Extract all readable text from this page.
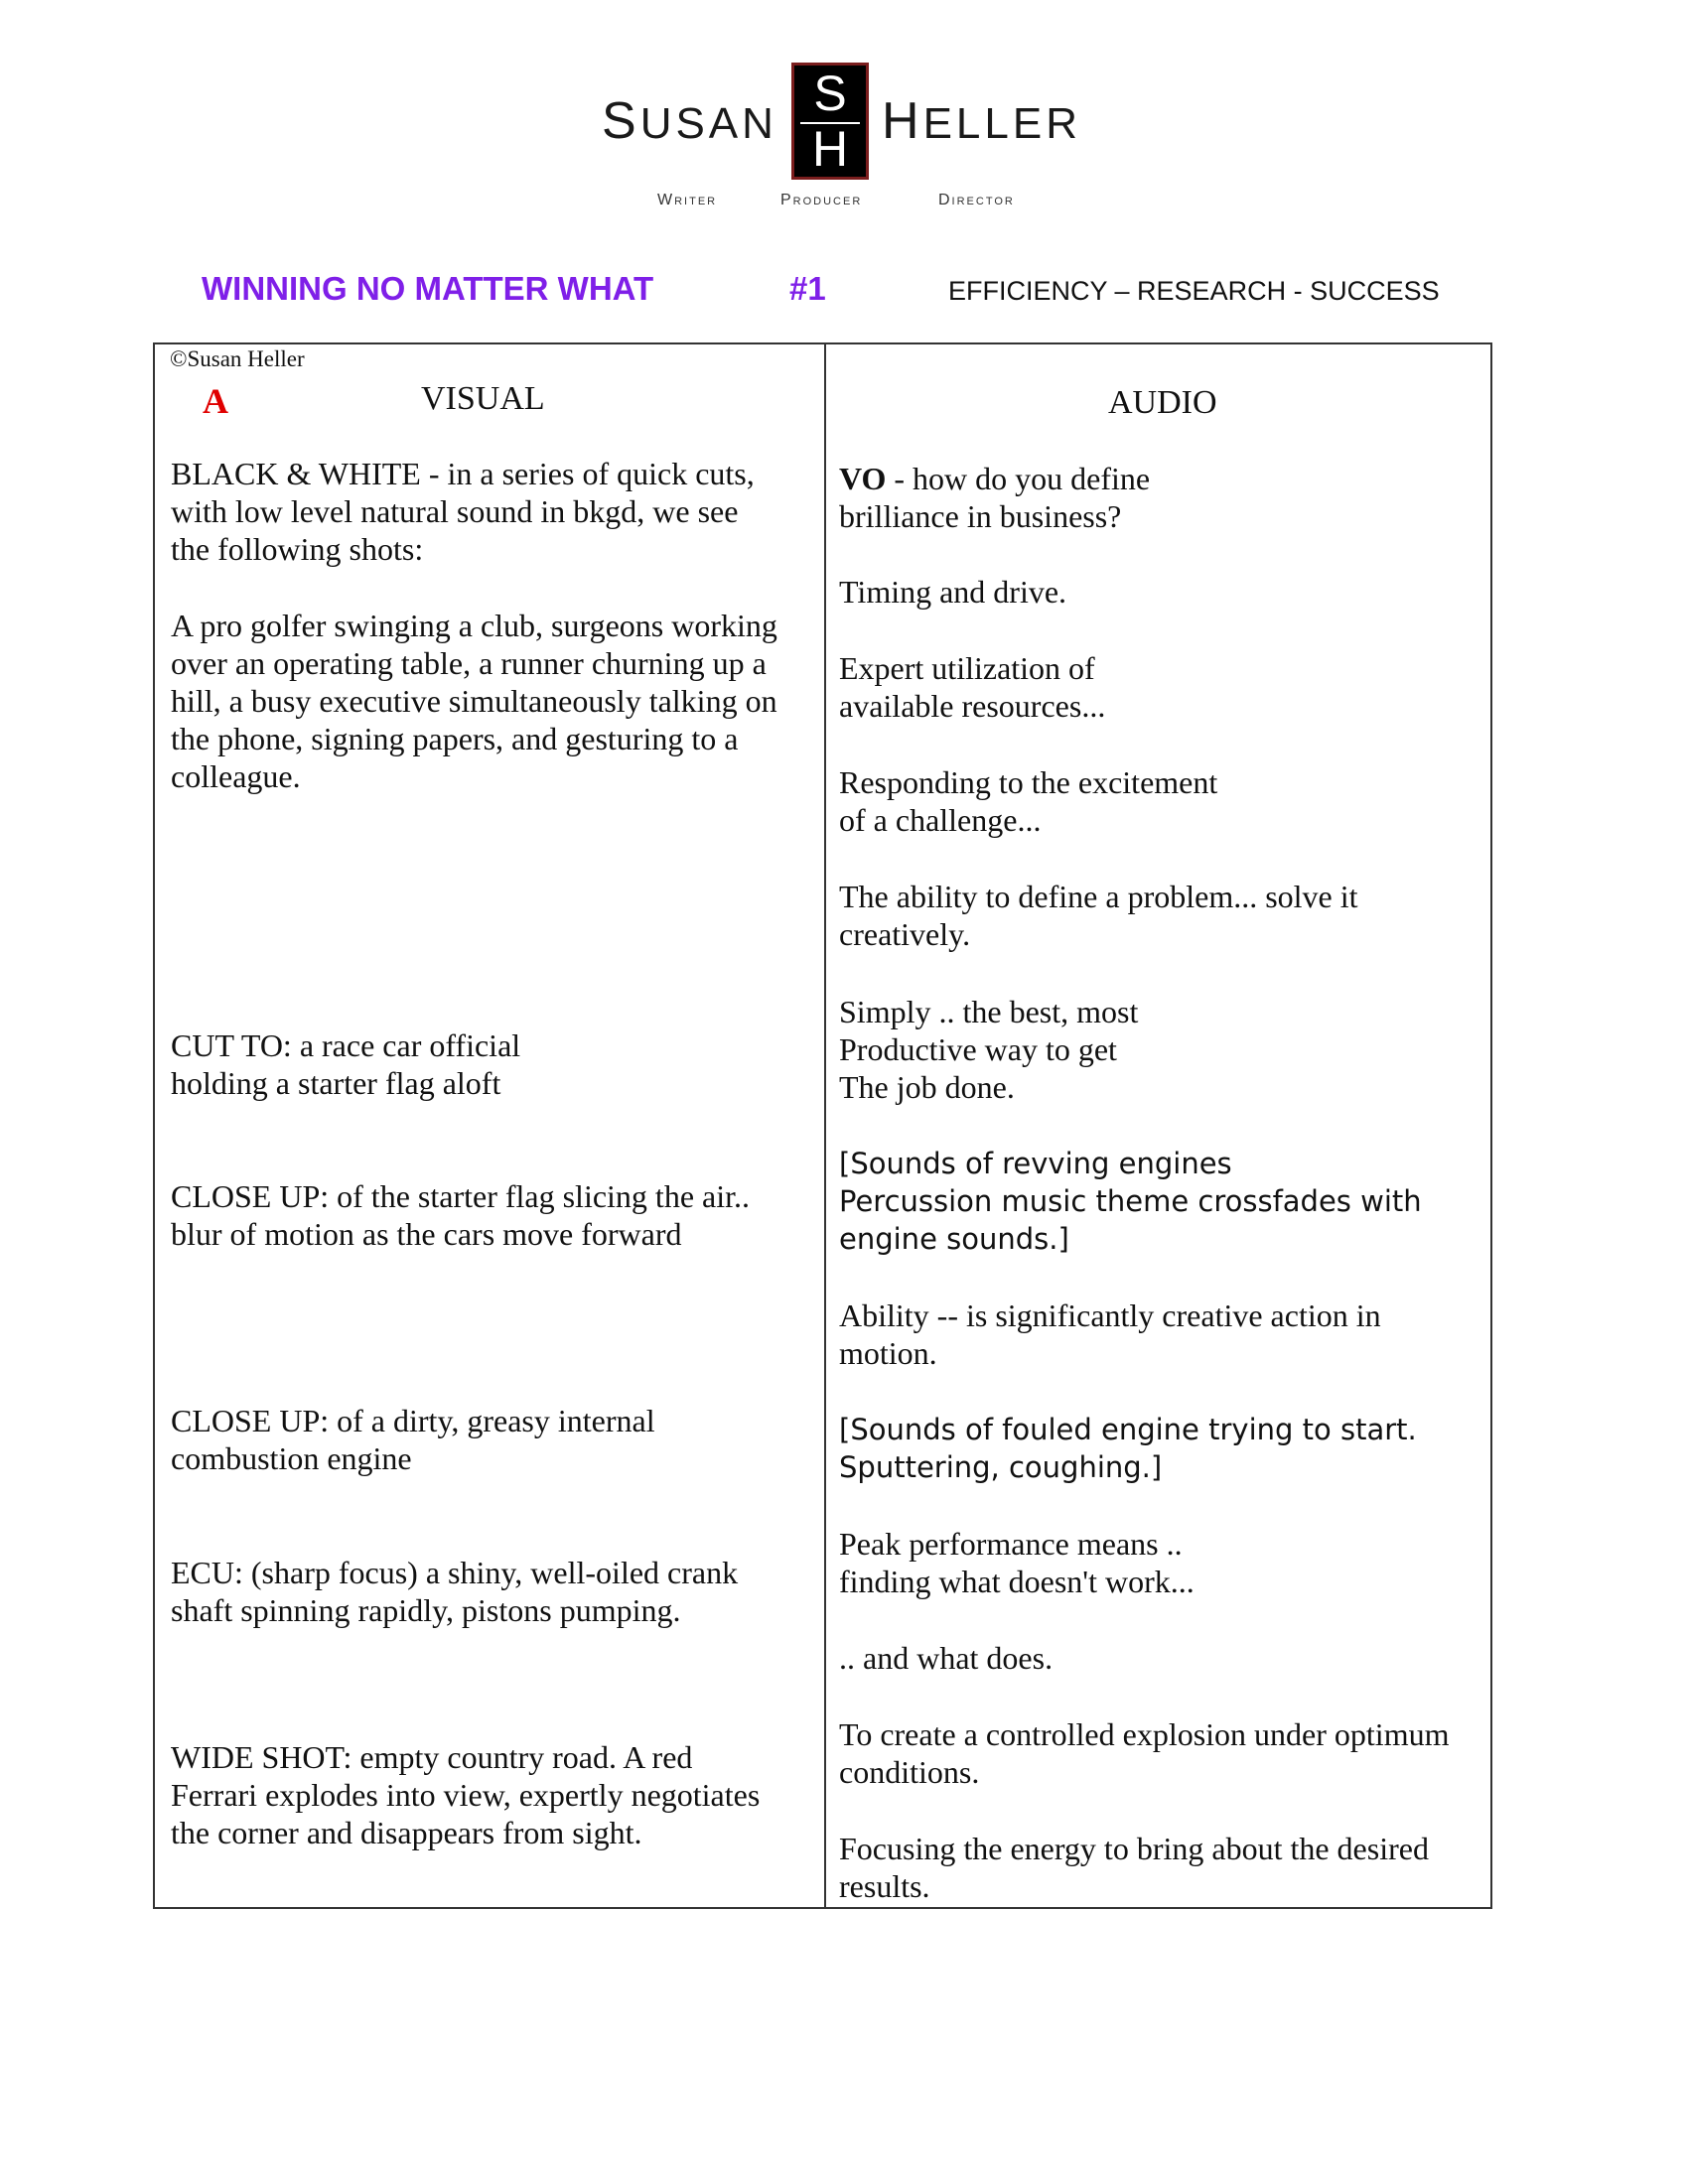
SUSAN
S
H HELLER
Writer	Producer	Director
WINNING NO MATTER WHAT	#1	EFFICIENCY – RESEARCH - SUCCESS
©Susan Heller
A	VISUAL	AUDIO
BLACK & WHITE - in a series of quick cuts,
with low level natural sound in bkgd, we see
the following shots:
A pro golfer swinging a club, surgeons working
over an operating table, a runner churning up a
hill, a busy executive simultaneously talking on
the phone, signing papers, and gesturing to a
colleague.
CUT TO: a race car official
holding a starter flag aloft
CLOSE UP: of the starter flag slicing the air..
blur of motion as the cars move forward
CLOSE UP: of a dirty, greasy internal
combustion engine
ECU: (sharp focus) a shiny, well-oiled crank
shaft spinning rapidly, pistons pumping.
WIDE SHOT: empty country road. A red
Ferrari explodes into view, expertly negotiates
the corner and disappears from sight.
VO - how do you define
brilliance in business?
Timing and drive.
Expert utilization of
available resources...
Responding to the excitement
of a challenge...
The ability to define a problem... solve it
creatively.
Simply .. the best, most
Productive way to get
The job done.
[Sounds of revving engines
Percussion music theme crossfades with
engine sounds.]
Ability -- is significantly creative action in
motion.
[Sounds of fouled engine trying to start.
Sputtering, coughing.]
Peak performance means ..
finding what doesn't work...
.. and what does.
To create a controlled explosion under optimum
conditions.
Focusing the energy to bring about the desired
results.
